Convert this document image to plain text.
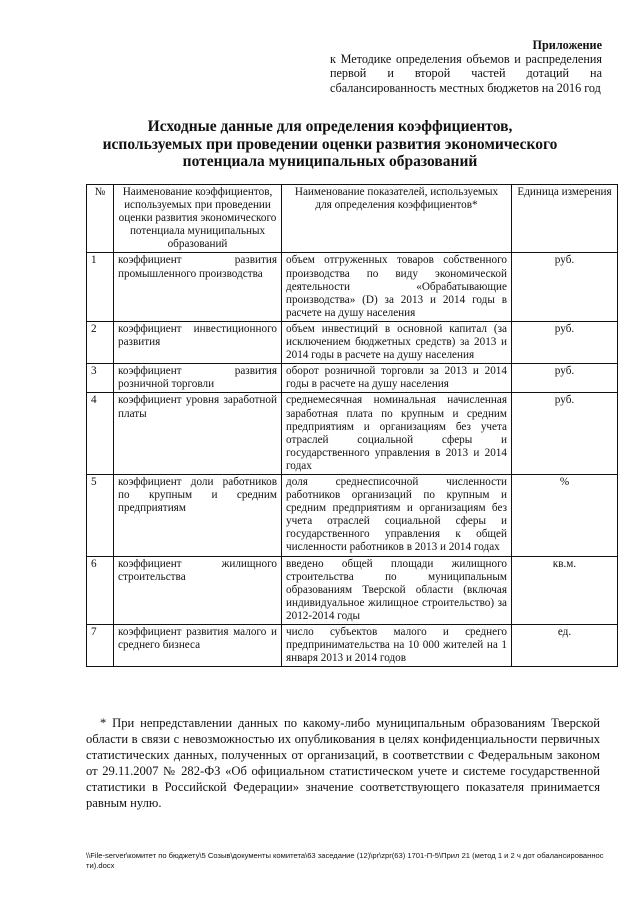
Приложение
к Методике определения объемов и распределения первой и второй частей дотаций на сбалансированность местных бюджетов на 2016 год
Исходные данные для определения коэффициентов,
используемых при проведении оценки развития экономического
потенциала муниципальных образований
№	Наименование коэффициентов, используемых при проведении оценки развития экономического потенциала муниципальных образований	Наименование показателей, используемых для определения коэффициентов*	Единица измерения
1	коэффициент развития промышленного производства	объем отгруженных товаров собственного производства по виду экономической деятельности «Обрабатывающие производства» (D) за 2013 и 2014 годы в расчете на душу населения	руб.
2	коэффициент инвестиционного развития	объем инвестиций в основной капитал (за исключением бюджетных средств) за 2013 и 2014 годы в расчете на душу населения	руб.
3	коэффициент развития розничной торговли	оборот розничной торговли за 2013 и 2014 годы в расчете на душу населения	руб.
4	коэффициент уровня заработной платы	среднемесячная номинальная начисленная заработная плата по крупным и средним предприятиям и организациям без учета отраслей социальной сферы и государственного управления в 2013 и 2014 годах	руб.
5	коэффициент доли работников по крупным и средним предприятиям	доля среднесписочной численности работников организаций по крупным и средним предприятиям и организациям без учета отраслей социальной сферы и государственного управления к общей численности работников в 2013 и 2014 годах	%
6	коэффициент жилищного строительства	введено общей площади жилищного строительства по муниципальным образованиям Тверской области (включая индивидуальное жилищное строительство) за 2012-2014 годы	кв.м.
7	коэффициент развития малого и среднего бизнеса	число субъектов малого и среднего предпринимательства на 10 000 жителей на 1 января 2013 и 2014 годов	ед.
* При непредставлении данных по какому-либо муниципальным образованиям Тверской области в связи с невозможностью их опубликования в целях конфиденциальности первичных статистических данных, полученных от организаций, в соответствии с Федеральным законом от 29.11.2007 № 282-ФЗ «Об официальном статистическом учете и системе государственной статистики в Российской Федерации» значение соответствующего показателя принимается равным нулю.
\\File-server\комитет по бюджету\5 Созыв\документы комитета\63 заседание (12)\pr\zpr(63) 1701-П-5\Прил 21 (метод 1 и 2 ч дот обалансированности).docx
